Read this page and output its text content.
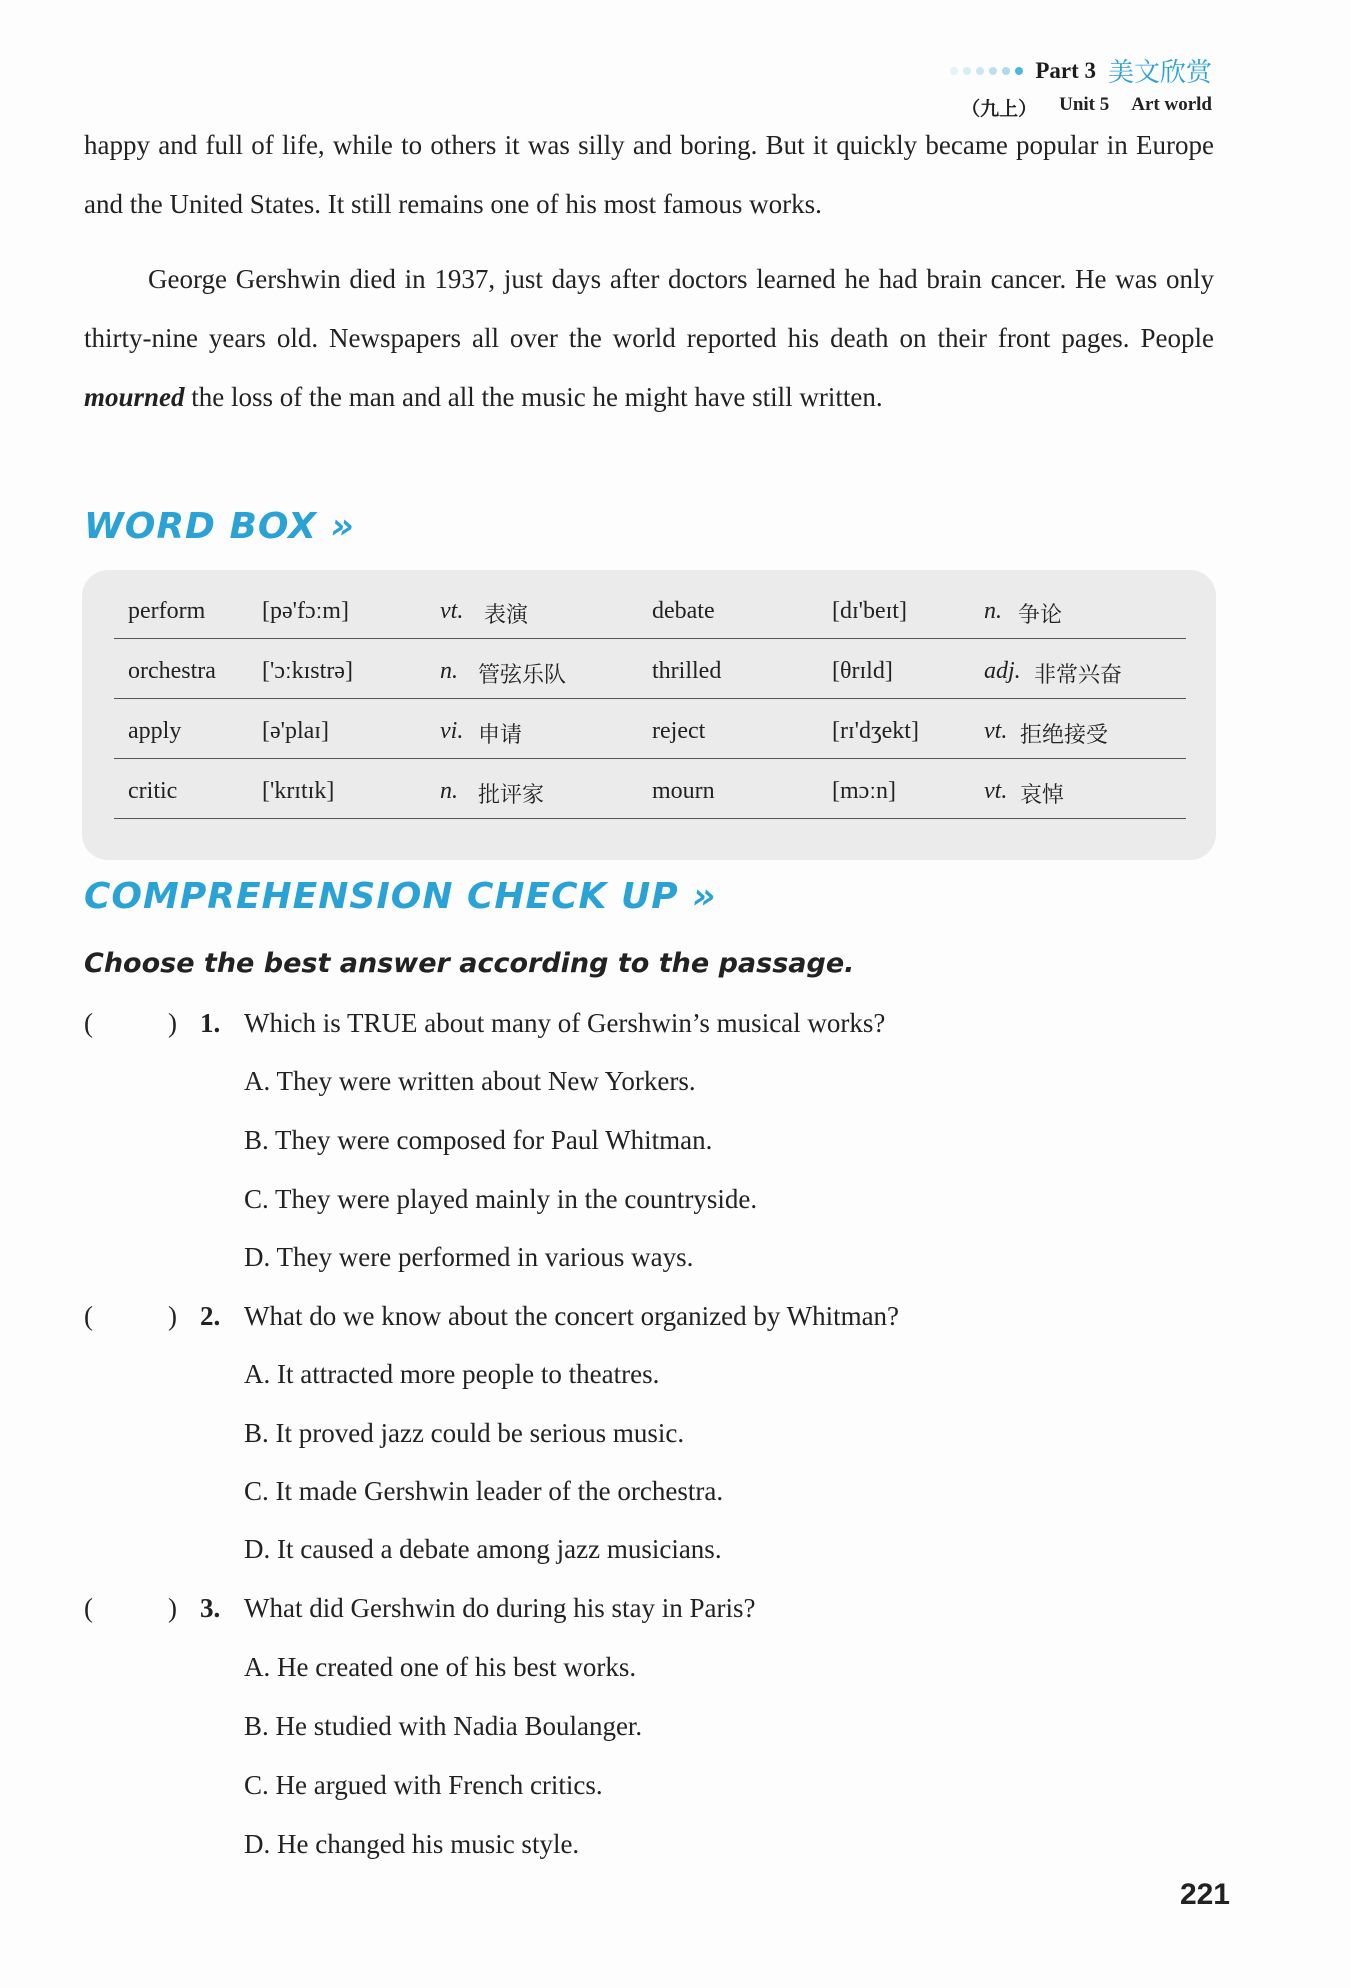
Part 3 美文欣赏
（九上） Unit 5 Art world

happy and full of life, while to others it was silly and boring. But it quickly became popular in Europe and the United States. It still remains one of his most famous works.

George Gershwin died in 1937, just days after doctors learned he had brain cancer. He was only thirty-nine years old. Newspapers all over the world reported his death on their front pages. People mourned the loss of the man and all the music he might have still written.

WORD BOX »
perform [pə'fɔːm]	vt. 表演	debate	[dɪ'beɪt]	n. 争论
orchestra ['ɔːkɪstrə]	n. 管弦乐队	thrilled	[θrɪld]	adj. 非常兴奋
apply	[ə'plaɪ]	vi. 申请	reject	[rɪ'dʒekt]	vt. 拒绝接受
critic	['krɪtɪk]	n. 批评家	mourn	[mɔːn]	vt. 哀悼
COMPREHENSION CHECK UP »
Choose the best answer according to the passage.
(	) 1. Which is TRUE about many of Gershwin’s musical works?
A. They were written about New Yorkers.
B. They were composed for Paul Whitman.
C. They were played mainly in the countryside.
D. They were performed in various ways.
(	) 2. What do we know about the concert organized by Whitman?
A. It attracted more people to theatres.
B. It proved jazz could be serious music.
C. It made Gershwin leader of the orchestra.
D. It caused a debate among jazz musicians.
(	) 3. What did Gershwin do during his stay in Paris?
A. He created one of his best works.
B. He studied with Nadia Boulanger.
C. He argued with French critics.
D. He changed his music style.
221
